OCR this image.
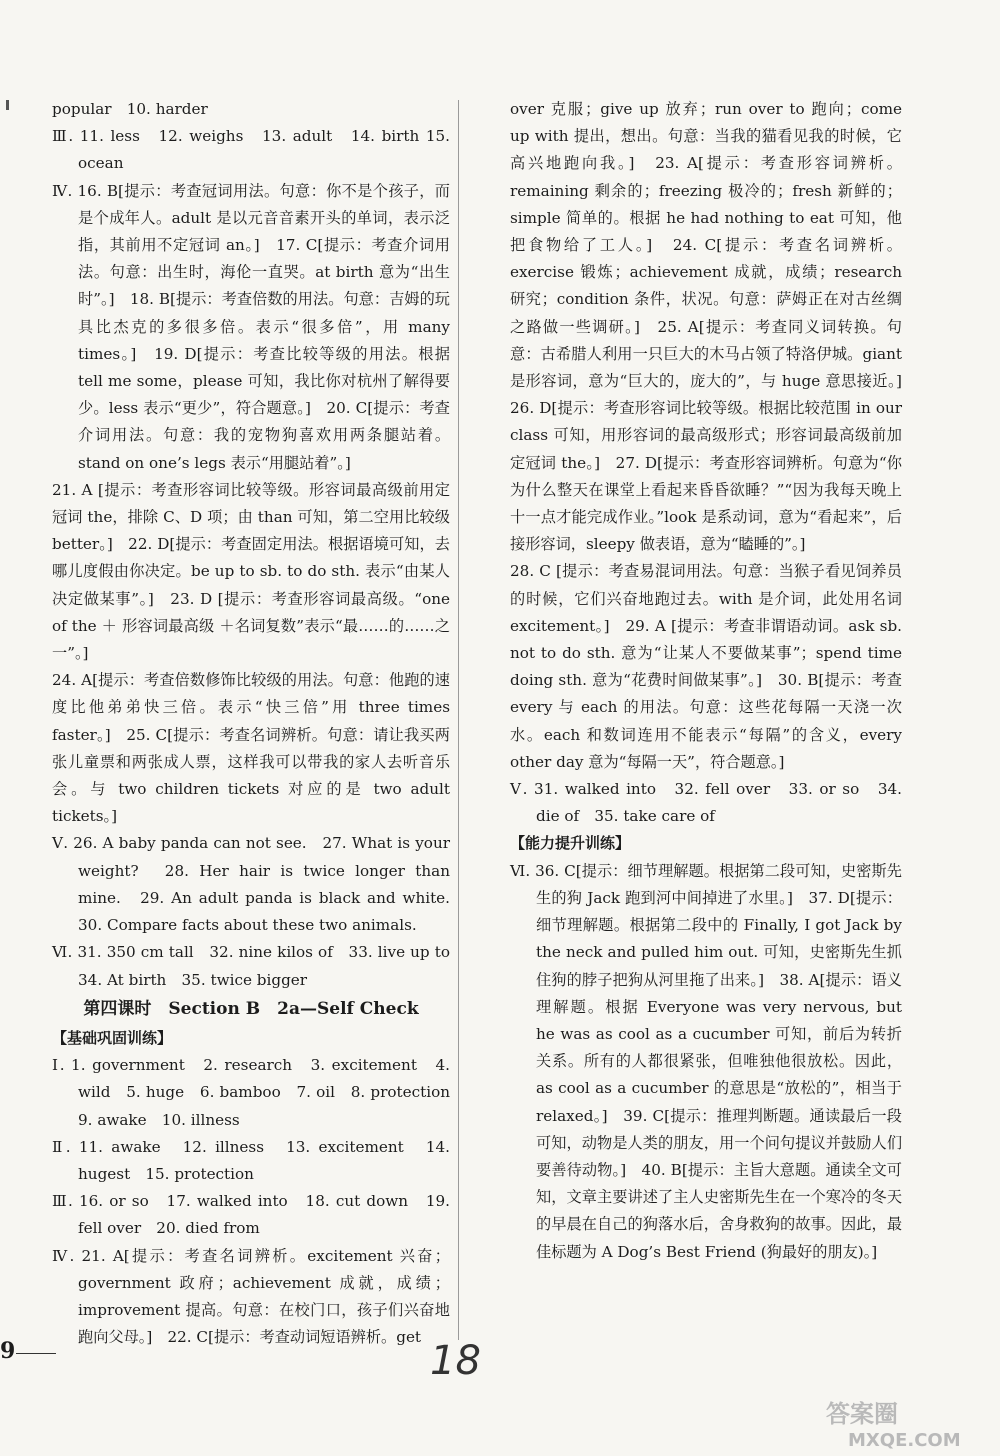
popular　10. harder

Ⅲ. 11. less　12. weighs　13. adult　14. birth 15. ocean

Ⅳ. 16. B[提示：考查冠词用法。句意：你不是个孩子，而是个成年人。adult 是以元音音素开头的单词，表示泛指，其前用不定冠词 an。]　17. C[提示：考查介词用法。句意：出生时，海伦一直哭。at birth 意为“出生时”。]　18. B[提示：考查倍数的用法。句意：吉姆的玩具比杰克的多很多倍。表示“很多倍”，用 many times。]　19. D[提示：考查比较等级的用法。根据 tell me some，please 可知，我比你对杭州了解得要少。less 表示“更少”，符合题意。]　20. C[提示：考查介词用法。句意：我的宠物狗喜欢用两条腿站着。stand on one’s legs 表示“用腿站着”。]

21. A [提示：考查形容词比较等级。形容词最高级前用定冠词 the，排除 C、D 项；由 than 可知，第二空用比较级 better。]　22. D[提示：考查固定用法。根据语境可知，去哪儿度假由你决定。be up to sb. to do sth. 表示“由某人决定做某事”。]　23. D [提示：考查形容词最高级。“one of the ＋ 形容词最高级 ＋名词复数”表示“最……的……之一”。]

24. A[提示：考查倍数修饰比较级的用法。句意：他跑的速度比他弟弟快三倍。表示“快三倍”用 three times faster。]　25. C[提示：考查名词辨析。句意：请让我买两张儿童票和两张成人票，这样我可以带我的家人去听音乐会。与 two children tickets 对应的是 two adult tickets。]

Ⅴ. 26. A baby panda can not see.　27. What is your weight?　28. Her hair is twice longer than mine.　29. An adult panda is black and white.　30. Compare facts about these two animals.

Ⅵ. 31. 350 cm tall　32. nine kilos of　33. live up to　34. At birth　35. twice bigger

第四课时　Section B　2a—Self Check

【基础巩固训练】

Ⅰ. 1. government　2. research　3. excitement　4. wild　5. huge　6. bamboo　7. oil　8. protection　9. awake　10. illness

Ⅱ. 11. awake　12. illness　13. excitement　14. hugest　15. protection

Ⅲ. 16. or so　17. walked into　18. cut down　19. fell over　20. died from

Ⅳ. 21. A[提示：考查名词辨析。excitement 兴奋；government 政府；achievement 成就，成绩；improvement 提高。句意：在校门口，孩子们兴奋地跑向父母。]　22. C[提示：考查动词短语辨析。get

over 克服；give up 放弃；run over to 跑向；come up with 提出，想出。句意：当我的猫看见我的时候，它高兴地跑向我。]　23. A[提示：考查形容词辨析。remaining 剩余的；freezing 极冷的；fresh 新鲜的；simple 简单的。根据 he had nothing to eat 可知，他把食物给了工人。]　24. C[提示：考查名词辨析。exercise 锻炼；achievement 成就，成绩；research 研究；condition 条件，状况。句意：萨姆正在对古丝绸之路做一些调研。]　25. A[提示：考查同义词转换。句意：古希腊人利用一只巨大的木马占领了特洛伊城。giant 是形容词，意为“巨大的，庞大的”，与 huge 意思接近。]　26. D[提示：考查形容词比较等级。根据比较范围 in our class 可知，用形容词的最高级形式；形容词最高级前加定冠词 the。]　27. D[提示：考查形容词辨析。句意为“你为什么整天在课堂上看起来昏昏欲睡？”“因为我每天晚上十一点才能完成作业。”look 是系动词，意为“看起来”，后接形容词，sleepy 做表语，意为“瞌睡的”。]

28. C [提示：考查易混词用法。句意：当猴子看见饲养员的时候，它们兴奋地跑过去。with 是介词，此处用名词 excitement。]　29. A [提示：考查非谓语动词。ask sb. not to do sth. 意为“让某人不要做某事”；spend time doing sth. 意为“花费时间做某事”。]　30. B[提示：考查 every 与 each 的用法。句意：这些花每隔一天浇一次水。each 和数词连用不能表示“每隔”的含义，every other day 意为“每隔一天”，符合题意。]

Ⅴ. 31. walked into　32. fell over　33. or so　34. die of　35. take care of

【能力提升训练】

Ⅵ. 36. C[提示：细节理解题。根据第二段可知，史密斯先生的狗 Jack 跑到河中间掉进了水里。]　37. D[提示：细节理解题。根据第二段中的 Finally, I got Jack by the neck and pulled him out. 可知，史密斯先生抓住狗的脖子把狗从河里拖了出来。]　38. A[提示：语义理解题。根据 Everyone was very nervous, but he was as cool as a cucumber 可知，前后为转折关系。所有的人都很紧张，但唯独他很放松。因此，as cool as a cucumber 的意思是“放松的”，相当于 relaxed。]　39. C[提示：推理判断题。通读最后一段可知，动物是人类的朋友，用一个问句提议并鼓励人们要善待动物。]　40. B[提示：主旨大意题。通读全文可知，文章主要讲述了主人史密斯先生在一个寒冷的冬天的早晨在自己的狗落水后，舍身救狗的故事。因此，最佳标题为 A Dog’s Best Friend (狗最好的朋友)。]

9	18
答案圈
MXQE.COM
